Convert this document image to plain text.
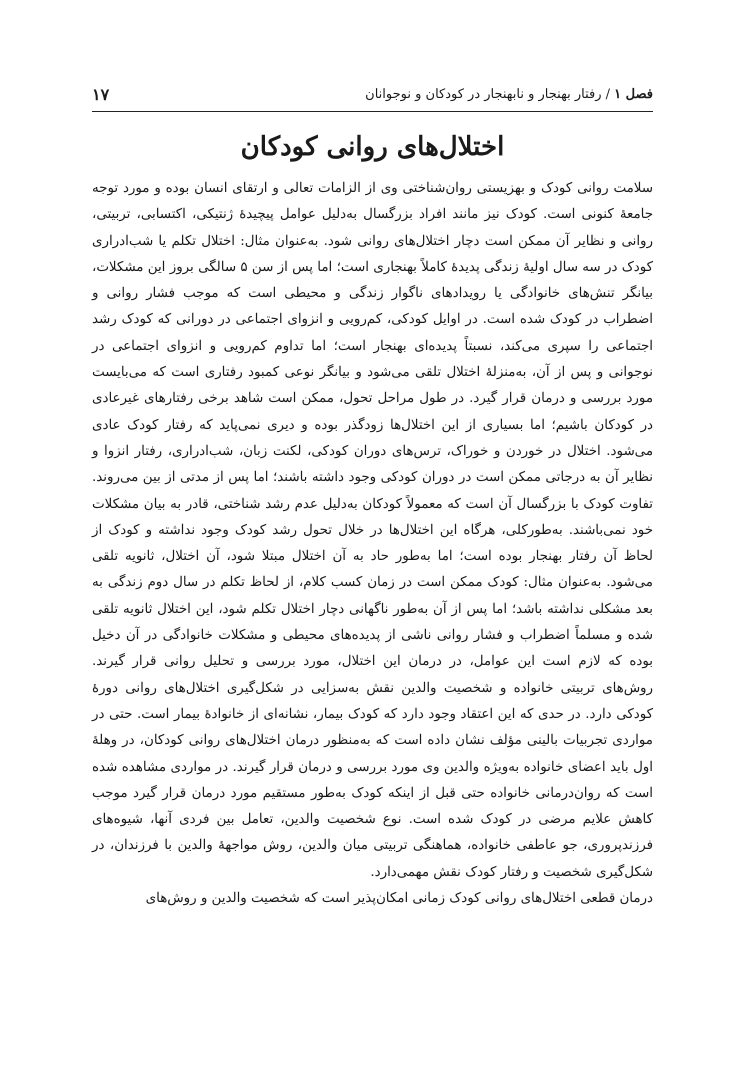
۱۷	فصل ۱ / رفتار بهنجار و نابهنجار در کودکان و نوجوانان
اختلال‌های روانی کودکان

سلامت روانی کودک و بهزیستی روان‌شناختی وی از الزامات تعالی و ارتقای انسان بوده و مورد توجه جامعهٔ کنونی است. کودک نیز مانند افراد بزرگسال به‌دلیل عوامل پیچیدهٔ ژنتیکی، اکتسابی، تربیتی، روانی و نظایر آن ممکن است دچار اختلال‌های روانی شود. به‌عنوان مثال: اختلال تکلم یا شب‌ادراری کودک در سه سال اولیهٔ زندگی پدیدهٔ کاملاً بهنجاری است؛ اما پس از سن ۵ سالگی بروز این مشکلات، بیانگر تنش‌های خانوادگی یا رویدادهای ناگوار زندگی و محیطی است که موجب فشار روانی و اضطراب در کودک شده است. در اوایل کودکی، کم‌رویی و انزوای اجتماعی در دورانی که کودک رشد اجتماعی را سپری می‌کند، نسبتاً پدیده‌ای بهنجار است؛ اما تداوم کم‌رویی و انزوای اجتماعی در نوجوانی و پس از آن، به‌منزلهٔ اختلال تلقی می‌شود و بیانگر نوعی کمبود رفتاری است که می‌بایست مورد بررسی و درمان قرار گیرد. در طول مراحل تحول، ممکن است شاهد برخی رفتارهای غیرعادی در کودکان باشیم؛ اما بسیاری از این اختلال‌ها زودگذر بوده و دیری نمی‌پاید که رفتار کودک عادی می‌شود. اختلال در خوردن و خوراک، ترس‌های دوران کودکی، لکنت زبان، شب‌ادراری، رفتار انزوا و نظایر آن به درجاتی ممکن است در دوران کودکی وجود داشته باشند؛ اما پس از مدتی از بین می‌روند. تفاوت کودک با بزرگسال آن است که معمولاً کودکان به‌دلیل عدم رشد شناختی، قادر به بیان مشکلات خود نمی‌باشند. به‌طورکلی، هرگاه این اختلال‌ها در خلال تحول رشد کودک وجود نداشته و کودک از لحاظ آن رفتار بهنجار بوده است؛ اما به‌طور حاد به آن اختلال مبتلا شود، آن اختلال، ثانویه تلقی می‌شود. به‌عنوان مثال: کودک ممکن است در زمان کسب کلام، از لحاظ تکلم در سال دوم زندگی به بعد مشکلی نداشته باشد؛ اما پس از آن به‌طور ناگهانی دچار اختلال تکلم شود، این اختلال ثانویه تلقی شده و مسلماً اضطراب و فشار روانی ناشی از پدیده‌های محیطی و مشکلات خانوادگی در آن دخیل بوده که لازم است این عوامل، در درمان این اختلال، مورد بررسی و تحلیل روانی قرار گیرند. روش‌های تربیتی خانواده و شخصیت والدین نقش به‌سزایی در شکل‌گیری اختلال‌های روانی دورهٔ کودکی دارد. در حدی که این اعتقاد وجود دارد که کودک بیمار، نشانه‌ای از خانوادهٔ بیمار است. حتی در مواردی تجربیات بالینی مؤلف نشان داده است که به‌منظور درمان اختلال‌های روانی کودکان، در وهلهٔ اول باید اعضای خانواده به‌ویژه والدین وی مورد بررسی و درمان قرار گیرند. در مواردی مشاهده شده است که روان‌درمانی خانواده حتی قبل از اینکه کودک به‌طور مستقیم مورد درمان قرار گیرد موجب کاهش علایم مرضی در کودک شده است. نوع شخصیت والدین، تعامل بین فردی آنها، شیوه‌های فرزندپروری، جو عاطفی خانواده، هماهنگی تربیتی میان والدین، روش مواجههٔ والدین با فرزندان، در شکل‌گیری شخصیت و رفتار کودک نقش مهمی‌دارد.

درمان قطعی اختلال‌های روانی کودک زمانی امکان‌پذیر است که شخصیت والدین و روش‌های
